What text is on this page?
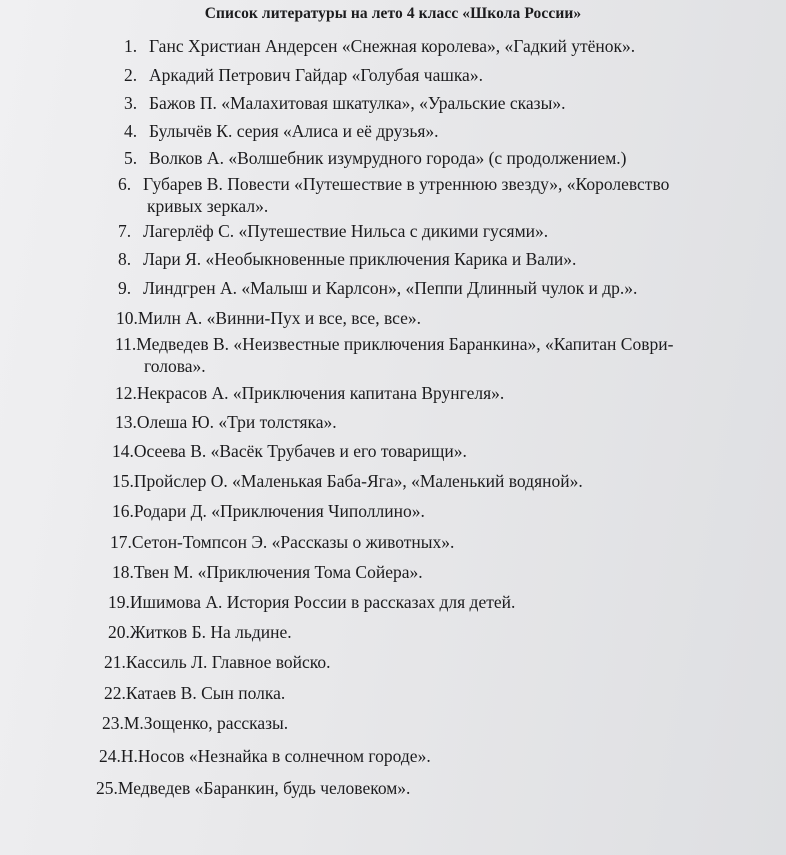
Список литературы на лето 4 класс «Школа России»
1. Ганс Христиан Андерсен «Снежная королева», «Гадкий утёнок».
2. Аркадий Петрович Гайдар «Голубая чашка».
3. Бажов П. «Малахитовая шкатулка», «Уральские сказы».
4. Булычёв К. серия «Алиса и её друзья».
5. Волков А. «Волшебник изумрудного города» (с продолжением.)
6. Губарев В. Повести «Путешествие в утреннюю звезду», «Королевство
кривых зеркал».
7. Лагерлёф С. «Путешествие Нильса с дикими гусями».
8. Лари Я. «Необыкновенные приключения Карика и Вали».
9. Линдгрен А. «Малыш и Карлсон», «Пеппи Длинный чулок и др.».
10.Милн А. «Винни-Пух и все, все, все».
11.Медведев В. «Неизвестные приключения Баранкина», «Капитан Соври-
голова».
12.Некрасов А. «Приключения капитана Врунгеля».
13.Олеша Ю. «Три толстяка».
14.Осеева В. «Васёк Трубачев и его товарищи».
15.Пройслер О. «Маленькая Баба-Яга», «Маленький водяной».
16.Родари Д. «Приключения Чиполлино».
17.Сетон-Томпсон Э. «Рассказы о животных».
18.Твен М. «Приключения Тома Сойера».
19.Ишимова А. История России в рассказах для детей.
20.Житков Б. На льдине.
21.Кассиль Л. Главное войско.
22.Катаев В. Сын полка.
23.М.Зощенко, рассказы.
24.Н.Носов «Незнайка в солнечном городе».
25.Медведев «Баранкин, будь человеком».
